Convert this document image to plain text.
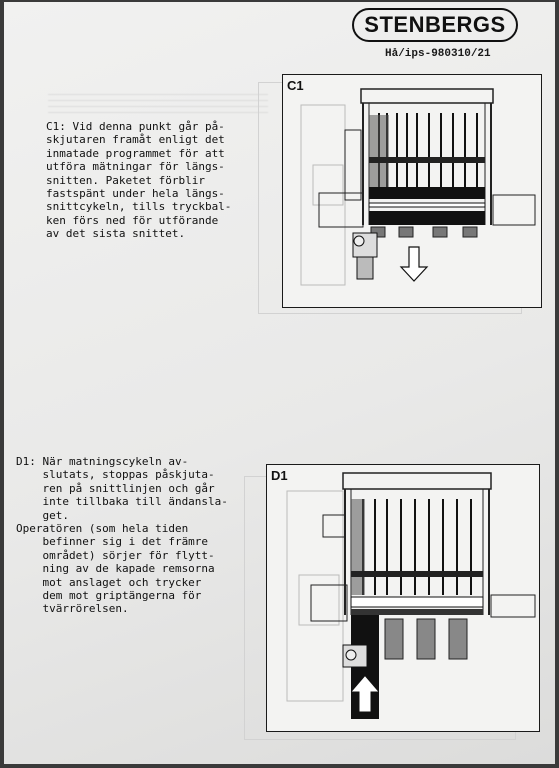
STENBERGS
Hå/ips-980310/21
C1: Vid denna punkt går på-
skjutaren framåt enligt det
inmatade programmet för att
utföra mätningar för längs-
snitten. Paketet förblir
fastspänt under hela längs-
snittcykeln, tills tryckbal-
ken förs ned för utförande
av det sista snittet.
D1: När matningscykeln av-
slutats, stoppas påskjuta-
ren på snittlinjen och går
inte tillbaka till ändansla-
get.
Operatören (som hela tiden
befinner sig i det främre
området) sörjer för flytt-
ning av de kapade remsorna
mot anslaget och trycker
dem mot griptängerna för
tvärrörelsen.
C1
D1
